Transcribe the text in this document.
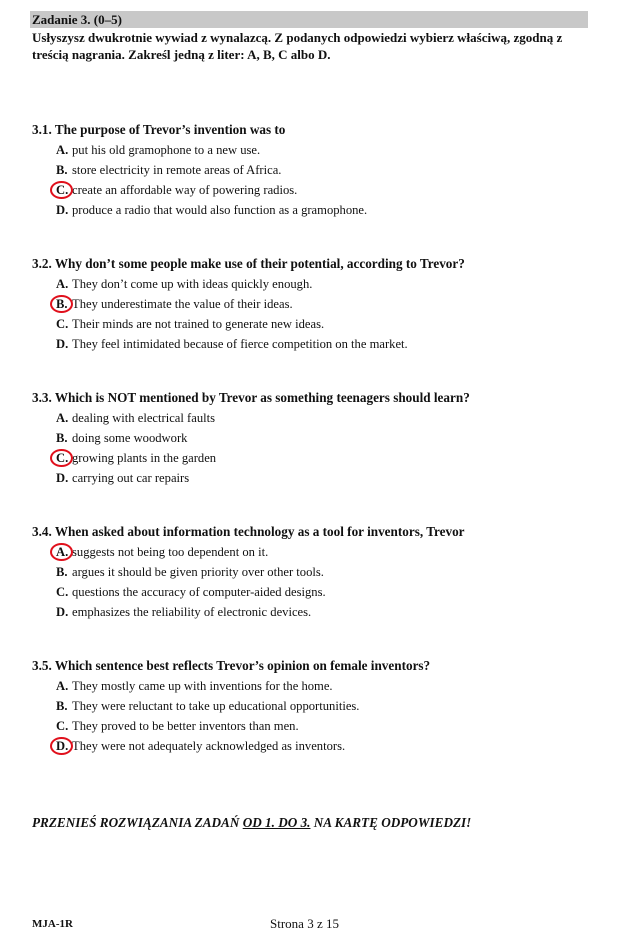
Zadanie 3. (0–5)
Usłyszysz dwukrotnie wywiad z wynalazcą. Z podanych odpowiedzi wybierz właściwą, zgodną z treścią nagrania. Zakreśl jedną z liter: A, B, C albo D.
3.1. The purpose of Trevor’s invention was to
A. put his old gramophone to a new use.
B. store electricity in remote areas of Africa.
C. create an affordable way of powering radios.
D. produce a radio that would also function as a gramophone.
3.2. Why don’t some people make use of their potential, according to Trevor?
A. They don’t come up with ideas quickly enough.
B. They underestimate the value of their ideas.
C. Their minds are not trained to generate new ideas.
D. They feel intimidated because of fierce competition on the market.
3.3. Which is NOT mentioned by Trevor as something teenagers should learn?
A. dealing with electrical faults
B. doing some woodwork
C. growing plants in the garden
D. carrying out car repairs
3.4. When asked about information technology as a tool for inventors, Trevor
A. suggests not being too dependent on it.
B. argues it should be given priority over other tools.
C. questions the accuracy of computer-aided designs.
D. emphasizes the reliability of electronic devices.
3.5. Which sentence best reflects Trevor’s opinion on female inventors?
A. They mostly came up with inventions for the home.
B. They were reluctant to take up educational opportunities.
C. They proved to be better inventors than men.
D. They were not adequately acknowledged as inventors.
PRZENIEŚ ROZWIĄZANIA ZADAŃ OD 1. DO 3. NA KARTĘ ODPOWIEDZI!
MJA-1R	Strona 3 z 15
